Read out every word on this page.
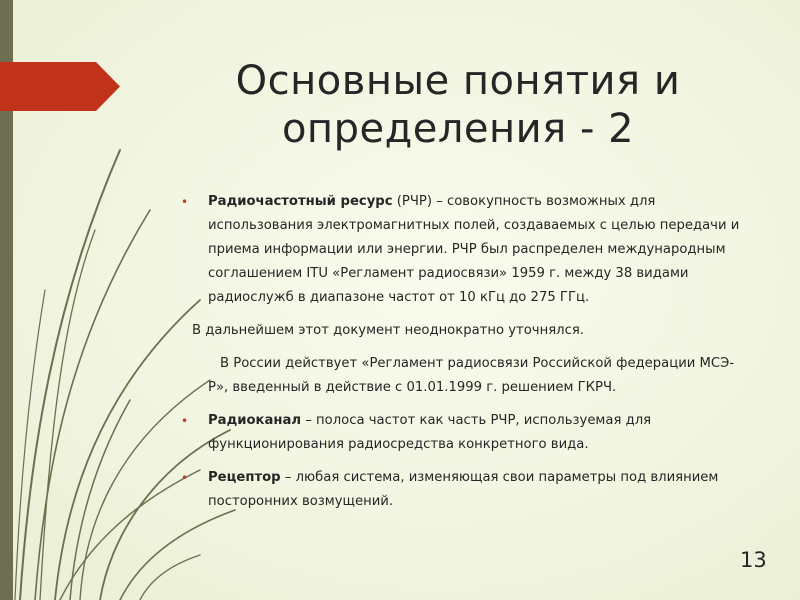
Основные понятия и
определения - 2
• Радиочастотный ресурс (РЧР) – совокупность возможных для использования электромагнитных полей, создаваемых с целью передачи и приема информации или энергии. РЧР был распределен международным соглашением ITU «Регламент радиосвязи» 1959 г. между 38 видами радиослужб в диапазоне частот от 10 кГц до 275 ГГц.
В дальнейшем этот документ неоднократно уточнялся.
В России действует «Регламент радиосвязи Российской федерации МСЭ-Р», введенный в действие с 01.01.1999 г. решением ГКРЧ.
• Радиоканал – полоса частот как часть РЧР, используемая для функционирования радиосредства конкретного вида.
• Рецептор – любая система, изменяющая свои параметры под влиянием посторонних возмущений.
13
